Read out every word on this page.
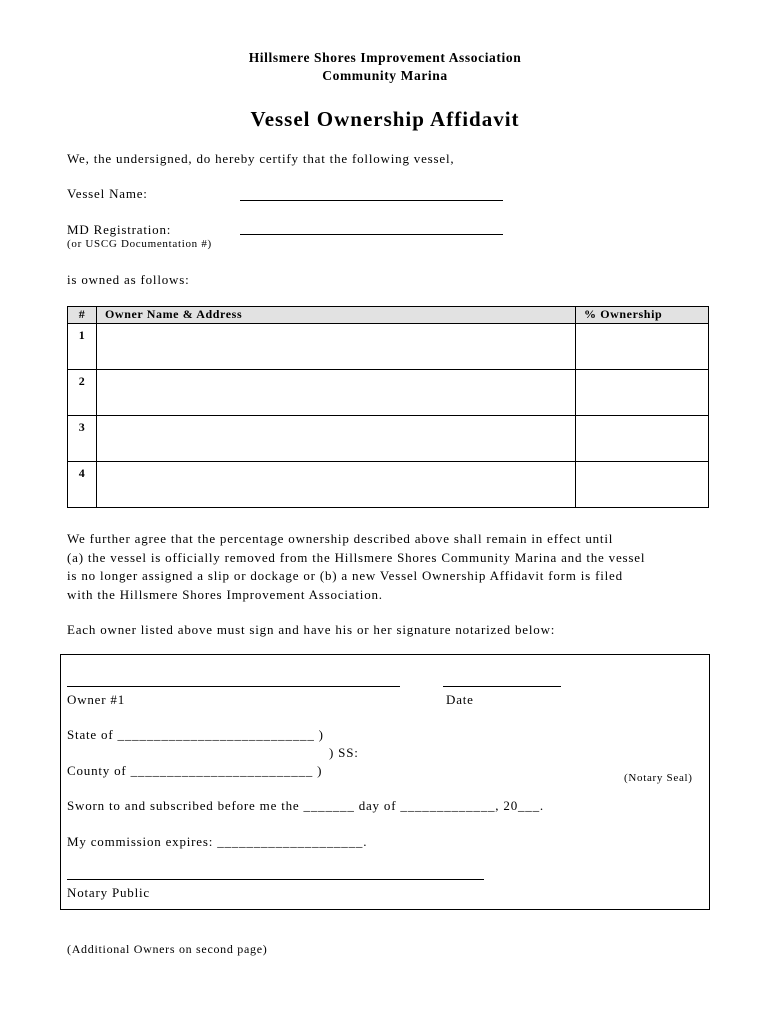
Hillsmere Shores Improvement Association
Community Marina
Vessel Ownership Affidavit
We, the undersigned, do hereby certify that the following vessel,
Vessel Name:
MD Registration:
(or USCG Documentation #)
is owned as follows:
#	Owner Name & Address	% Ownership
1		
2		
3		
4		
We further agree that the percentage ownership described above shall remain in effect until
(a) the vessel is officially removed from the Hillsmere Shores Community Marina and the vessel
is no longer assigned a slip or dockage or (b) a new Vessel Ownership Affidavit form is filed
with the Hillsmere Shores Improvement Association.
Each owner listed above must sign and have his or her signature notarized below:
Owner #1	Date
State of ___________________________ )
) SS:
County of _________________________ )	(Notary Seal)
Sworn to and subscribed before me the _______ day of _____________, 20___.
My commission expires: ____________________.
Notary Public
(Additional Owners on second page)
